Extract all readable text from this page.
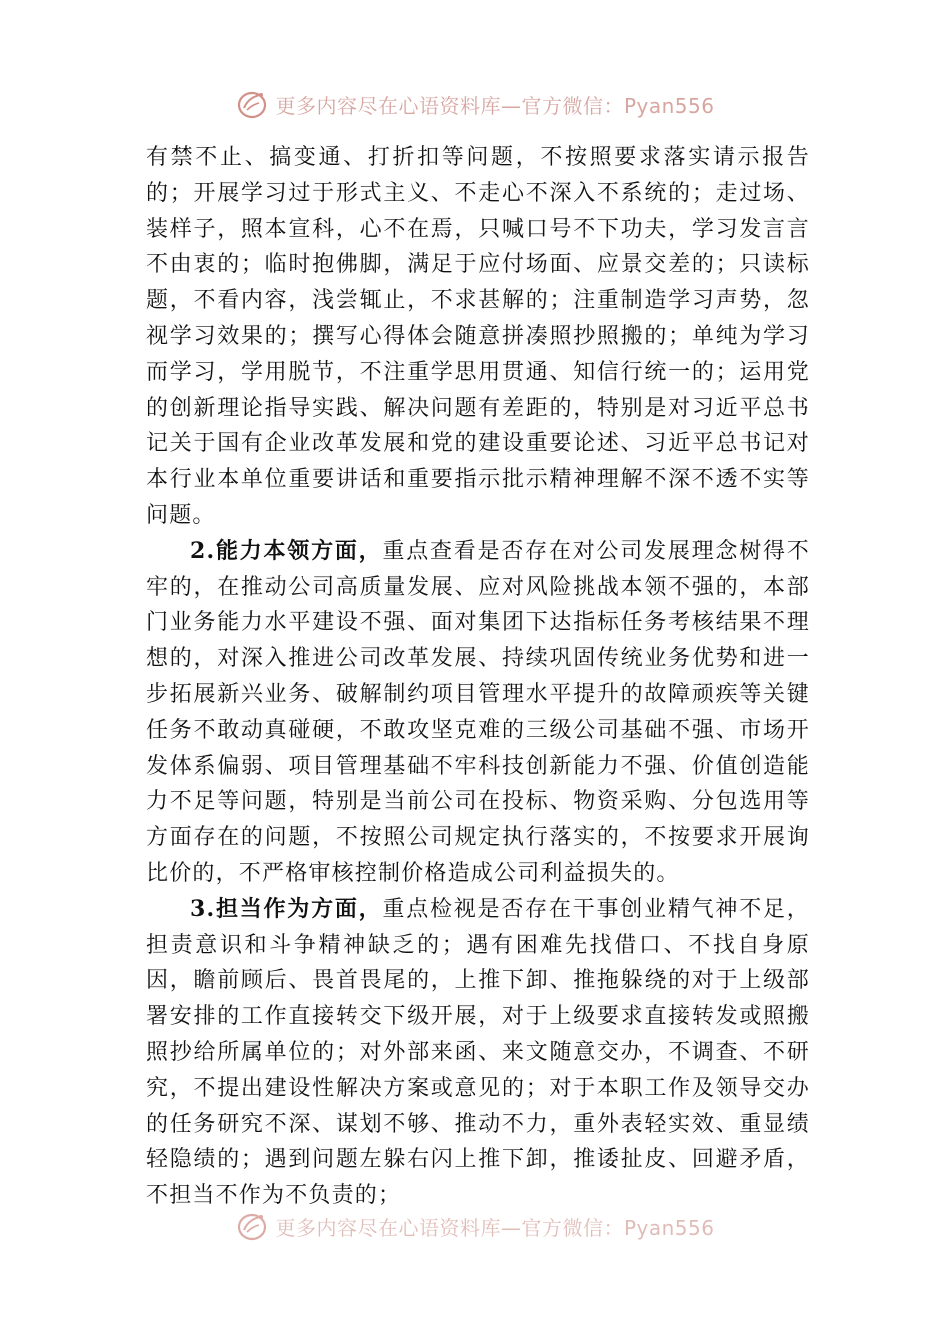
更多内容尽在心语资料库—官方微信：Pyan556

有禁不止、搞变通、打折扣等问题，不按照要求落实请示报告的；开展学习过于形式主义、不走心不深入不系统的；走过场、装样子，照本宣科，心不在焉，只喊口号不下功夫，学习发言言不由衷的；临时抱佛脚，满足于应付场面、应景交差的；只读标题，不看内容，浅尝辄止，不求甚解的；注重制造学习声势，忽视学习效果的；撰写心得体会随意拼凑照抄照搬的；单纯为学习而学习，学用脱节，不注重学思用贯通、知信行统一的；运用党的创新理论指导实践、解决问题有差距的，特别是对习近平总书记关于国有企业改革发展和党的建设重要论述、习近平总书记对本行业本单位重要讲话和重要指示批示精神理解不深不透不实等问题。

2.能力本领方面，重点查看是否存在对公司发展理念树得不牢的，在推动公司高质量发展、应对风险挑战本领不强的，本部门业务能力水平建设不强、面对集团下达指标任务考核结果不理想的，对深入推进公司改革发展、持续巩固传统业务优势和进一步拓展新兴业务、破解制约项目管理水平提升的故障顽疾等关键任务不敢动真碰硬，不敢攻坚克难的三级公司基础不强、市场开发体系偏弱、项目管理基础不牢科技创新能力不强、价值创造能力不足等问题，特别是当前公司在投标、物资采购、分包选用等方面存在的问题，不按照公司规定执行落实的，不按要求开展询比价的，不严格审核控制价格造成公司利益损失的。

3.担当作为方面，重点检视是否存在干事创业精气神不足，担责意识和斗争精神缺乏的；遇有困难先找借口、不找自身原因，瞻前顾后、畏首畏尾的，上推下卸、推拖躲绕的对于上级部署安排的工作直接转交下级开展，对于上级要求直接转发或照搬照抄给所属单位的；对外部来函、来文随意交办，不调查、不研究，不提出建设性解决方案或意见的；对于本职工作及领导交办的任务研究不深、谋划不够、推动不力，重外表轻实效、重显绩轻隐绩的；遇到问题左躲右闪上推下卸，推诿扯皮、回避矛盾，不担当不作为不负责的；

更多内容尽在心语资料库—官方微信：Pyan556
